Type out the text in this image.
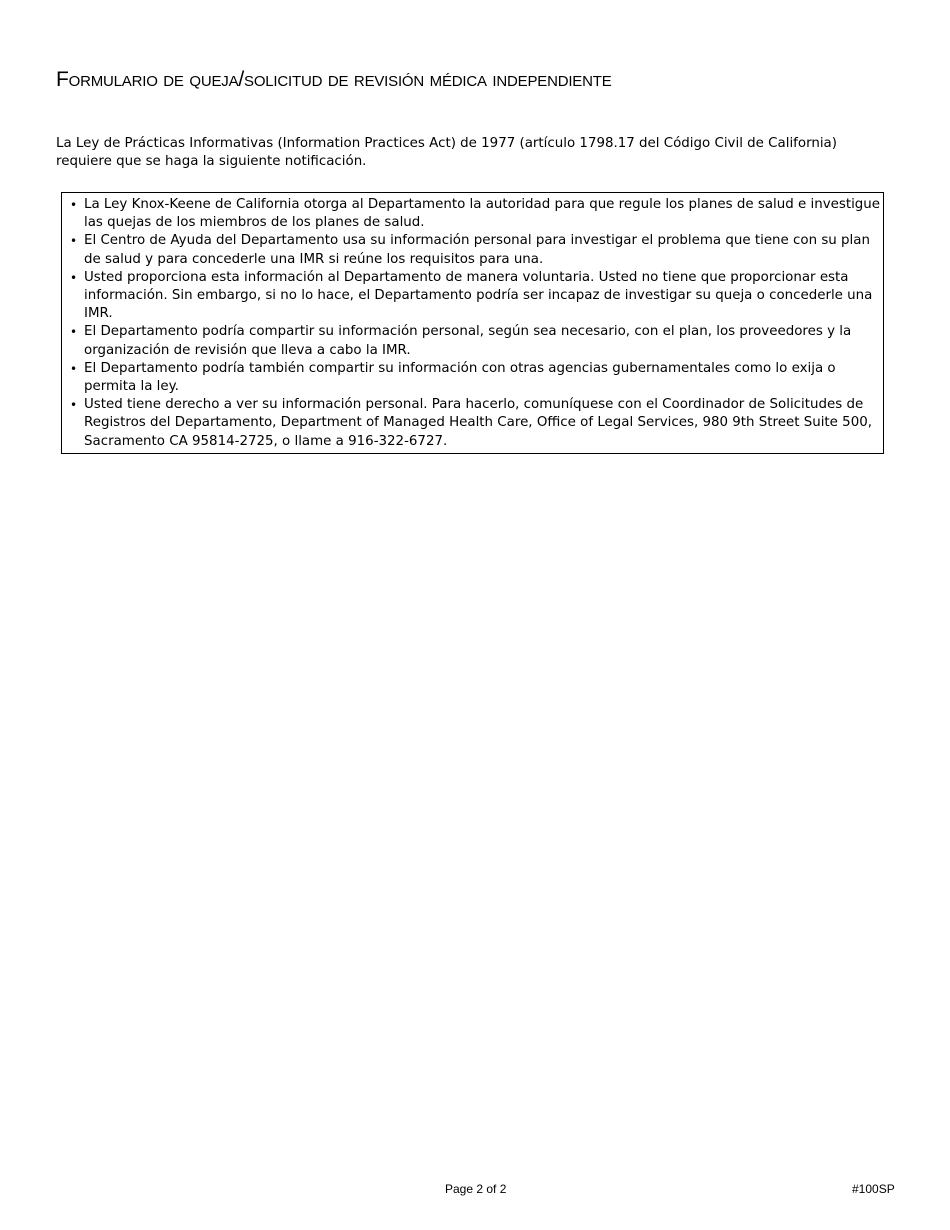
Formulario de queja/solicitud de revisión médica independiente

La Ley de Prácticas Informativas (Information Practices Act) de 1977 (artículo 1798.17 del Código Civil de California) requiere que se haga la siguiente notificación.

• La Ley Knox-Keene de California otorga al Departamento la autoridad para que regule los planes de salud e investigue las quejas de los miembros de los planes de salud.
• El Centro de Ayuda del Departamento usa su información personal para investigar el problema que tiene con su plan de salud y para concederle una IMR si reúne los requisitos para una.
• Usted proporciona esta información al Departamento de manera voluntaria. Usted no tiene que proporcionar esta información. Sin embargo, si no lo hace, el Departamento podría ser incapaz de investigar su queja o concederle una IMR.
• El Departamento podría compartir su información personal, según sea necesario, con el plan, los proveedores y la organización de revisión que lleva a cabo la IMR.
• El Departamento podría también compartir su información con otras agencias gubernamentales como lo exija o permita la ley.
• Usted tiene derecho a ver su información personal. Para hacerlo, comuníquese con el Coordinador de Solicitudes de Registros del Departamento, Department of Managed Health Care, Office of Legal Services, 980 9th Street Suite 500, Sacramento CA 95814-2725, o llame a 916-322-6727.
Page 2 of 2	#100SP
